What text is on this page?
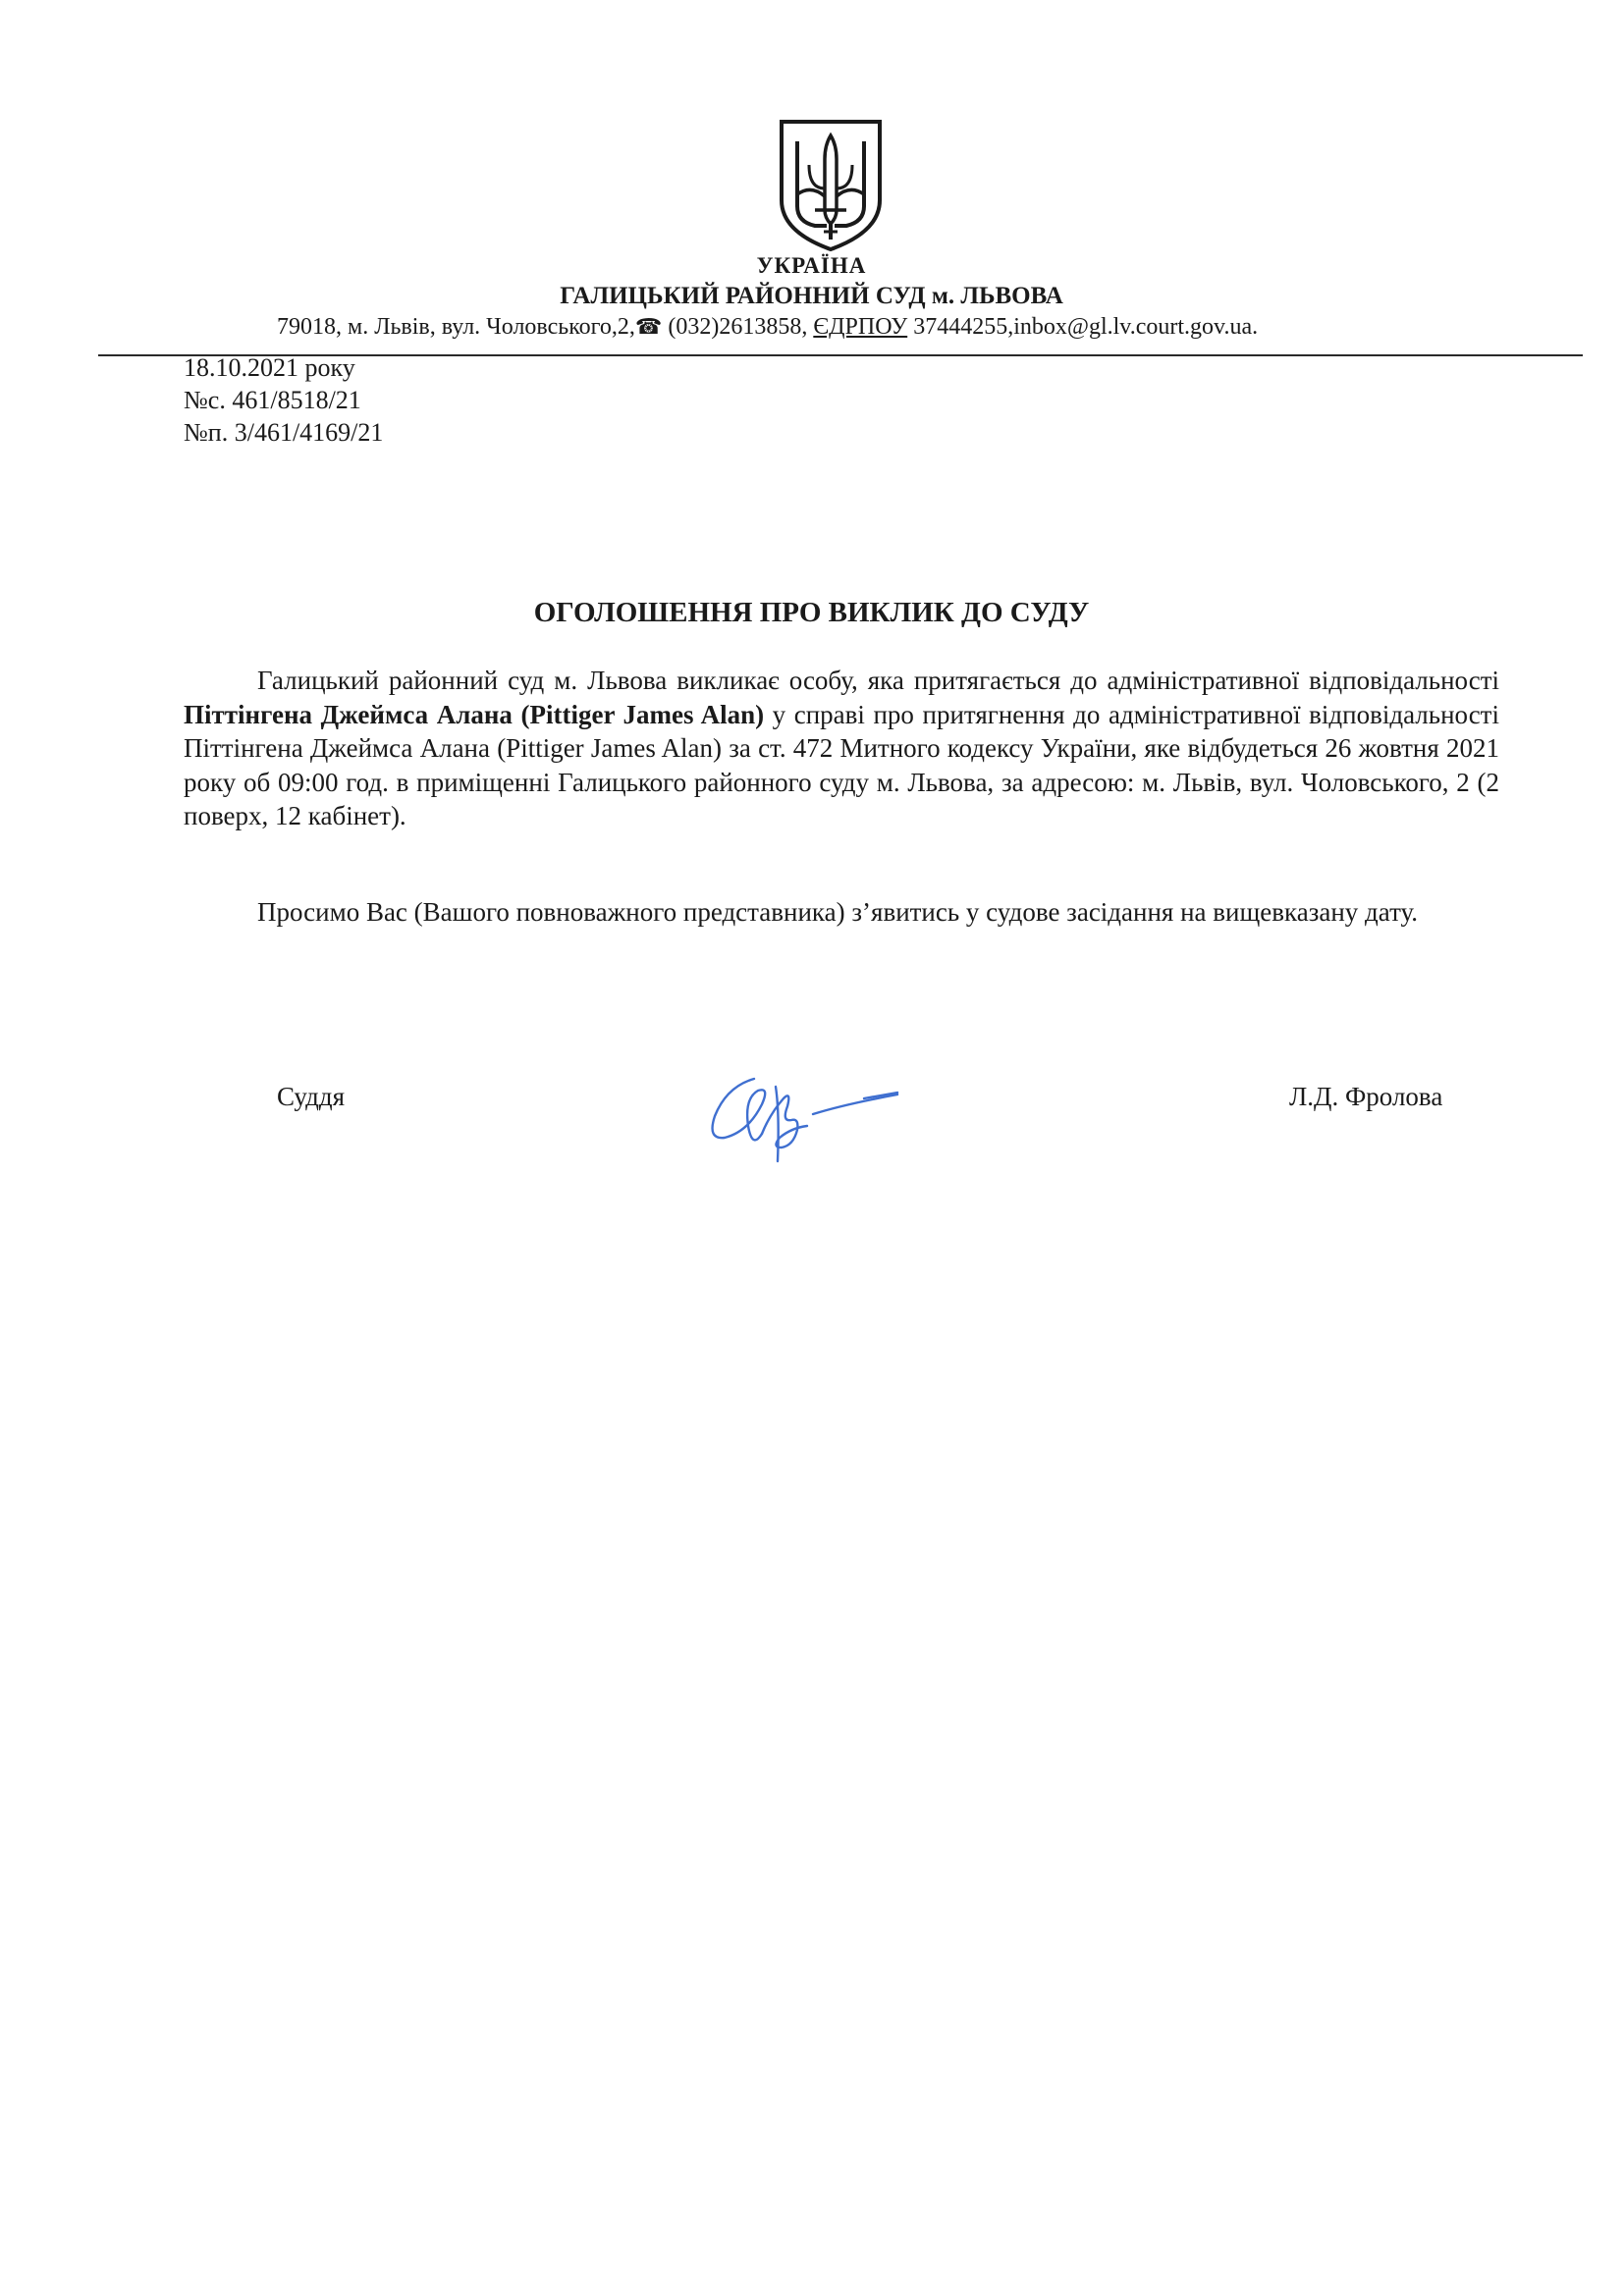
УКРАЇНА
ГАЛИЦЬКИЙ РАЙОННИЙ СУД м. ЛЬВОВА
79018, м. Львів, вул. Чоловського,2,☎ (032)2613858, ЄДРПОУ 37444255,inbox@gl.lv.court.gov.ua.
18.10.2021 року
№с. 461/8518/21
№п. 3/461/4169/21
ОГОЛОШЕННЯ ПРО ВИКЛИК ДО СУДУ

Галицький районний суд м. Львова викликає особу, яка притягається до адміністративної відповідальності Піттінгена Джеймса Алана (Pittiger James Alan) у справі про притягнення до адміністративної відповідальності Піттінгена Джеймса Алана (Pittiger James Alan) за ст. 472 Митного кодексу України, яке відбудеться 26 жовтня 2021 року об 09:00 год. в приміщенні Галицького районного суду м. Львова, за адресою: м. Львів, вул. Чоловського, 2 (2 поверх, 12 кабінет).

Просимо Вас (Вашого повноважного представника) з’явитись у судове засідання на вищевказану дату.

Суддя	Л.Д. Фролова
